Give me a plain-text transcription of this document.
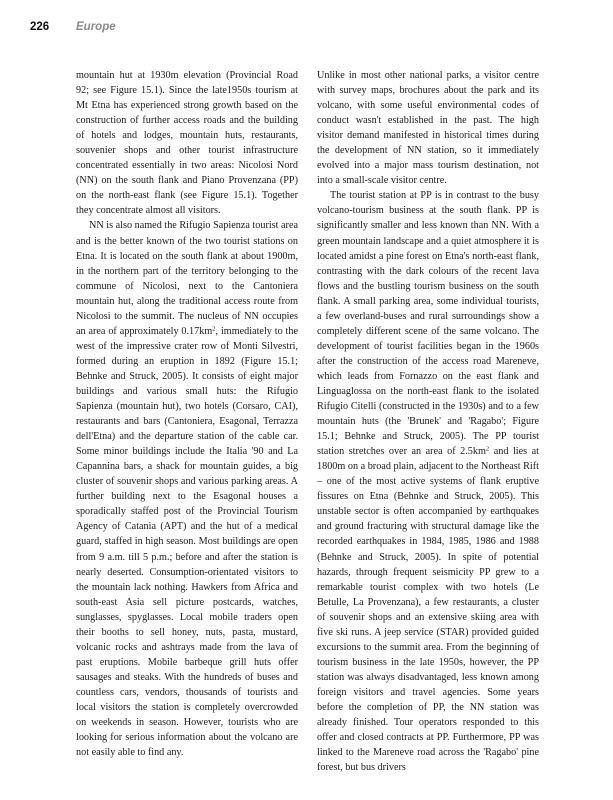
226 Europe

mountain hut at 1930m elevation (Provincial Road 92; see Figure 15.1). Since the late1950s tourism at Mt Etna has experienced strong growth based on the construction of further access roads and the building of hotels and lodges, mountain huts, restaurants, souvenier shops and other tourist infrastructure concentrated essentially in two areas: Nicolosi Nord (NN) on the south flank and Piano Provenzana (PP) on the north-east flank (see Figure 15.1). Together they concentrate almost all visitors.

NN is also named the Rifugio Sapienza tourist area and is the better known of the two tourist stations on Etna. It is located on the south flank at about 1900m, in the northern part of the territory belonging to the commune of Nicolosi, next to the Cantoniera mountain hut, along the traditional access route from Nicolosi to the summit. The nucleus of NN occupies an area of approximately $0.17km^2$, immediately to the west of the impressive crater row of Monti Silvestri, formed during an eruption in 1892 (Figure 15.1; Behnke and Struck, 2005). It consists of eight major buildings and various small huts: the Rifugio Sapienza (mountain hut), two hotels (Corsaro, CAI), restaurants and bars (Cantoniera, Esagonal, Terrazza dell'Etna) and the departure station of the cable car. Some minor buildings include the Italia '90 and La Capannina bars, a shack for mountain guides, a big cluster of souvenir shops and various parking areas. A further building next to the Esagonal houses a sporadically staffed post of the Provincial Tourism Agency of Catania (APT) and the hut of a medical guard, staffed in high season. Most buildings are open from 9 a.m. till 5 p.m.; before and after the station is nearly deserted. Consumption-orientated visitors to the mountain lack nothing. Hawkers from Africa and south-east Asia sell picture postcards, watches, sunglasses, spyglasses. Local mobile traders open their booths to sell honey, nuts, pasta, mustard, volcanic rocks and ashtrays made from the lava of past eruptions. Mobile barbeque grill huts offer sausages and steaks. With the hundreds of buses and countless cars, vendors, thousands of tourists and local visitors the station is completely overcrowded on weekends in season. However, tourists who are looking for serious information about the volcano are not easily able to find any.

Unlike in most other national parks, a visitor centre with survey maps, brochures about the park and its volcano, with some useful environmental codes of conduct wasn't established in the past. The high visitor demand manifested in historical times during the development of NN station, so it immediately evolved into a major mass tourism destination, not into a small-scale visitor centre.

The tourist station at PP is in contrast to the busy volcano-tourism business at the south flank. PP is significantly smaller and less known than NN. With a green mountain landscape and a quiet atmosphere it is located amidst a pine forest on Etna's north-east flank, contrasting with the dark colours of the recent lava flows and the bustling tourism business on the south flank. A small parking area, some individual tourists, a few overland-buses and rural surroundings show a completely different scene of the same volcano. The development of tourist facilities began in the 1960s after the construction of the access road Mareneve, which leads from Fornazzo on the east flank and Linguaglossa on the north-east flank to the isolated Rifugio Citelli (constructed in the 1930s) and to a few mountain huts (the 'Brunek' and 'Ragabo'; Figure 15.1; Behnke and Struck, 2005). The PP tourist station stretches over an area of $2.5km^2$ and lies at 1800m on a broad plain, adjacent to the Northeast Rift – one of the most active systems of flank eruptive fissures on Etna (Behnke and Struck, 2005). This unstable sector is often accompanied by earthquakes and ground fracturing with structural damage like the recorded earthquakes in 1984, 1985, 1986 and 1988 (Behnke and Struck, 2005). In spite of potential hazards, through frequent seismicity PP grew to a remarkable tourist complex with two hotels (Le Betulle, La Provenzana), a few restaurants, a cluster of souvenir shops and an extensive skiing area with five ski runs. A jeep service (STAR) provided guided excursions to the summit area. From the beginning of tourism business in the late 1950s, however, the PP station was always disadvantaged, less known among foreign visitors and travel agencies. Some years before the completion of PP, the NN station was already finished. Tour operators responded to this offer and closed contracts at PP. Furthermore, PP was linked to the Mareneve road across the 'Ragabo' pine forest, but bus drivers
